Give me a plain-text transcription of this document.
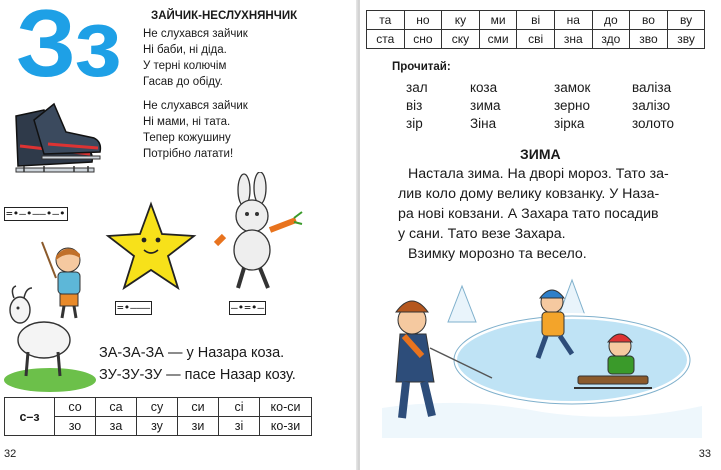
Зз	ЗАЙЧИК-НЕСЛУХНЯНЧИК
Не слухався зайчик
Ні баби, ні діда.
У терні колючім
Гасав до обіду.
Не слухався зайчик
Ні мами, ні тата.
Тепер кожушину
Потрібно латати!
=•–•––•–•
=•–––	–•=•–
ЗА-ЗА-ЗА — у Назара коза.
ЗУ-ЗУ-ЗУ — пасе Назар козу.
с–з	со	са	су	си	сі	ко-си
	зо	за	зу	зи	зі	ко-зи
32
та	но	ку	ми	ві	на	до	во	ву
ста	сно	ску	сми	сві	зна	здо	зво	зву
Прочитай:
зал	коза	замок	валіза
віз	зима	зерно	залізо
зір	Зіна	зірка	золото
ЗИМА
Настала зима. На дворі мороз. Тато за-
лив коло дому велику ковзанку. У Наза-
ра нові ковзани. А Захара тато посадив
у сани. Тато везе Захара.
Взимку морозно та весело.
33
